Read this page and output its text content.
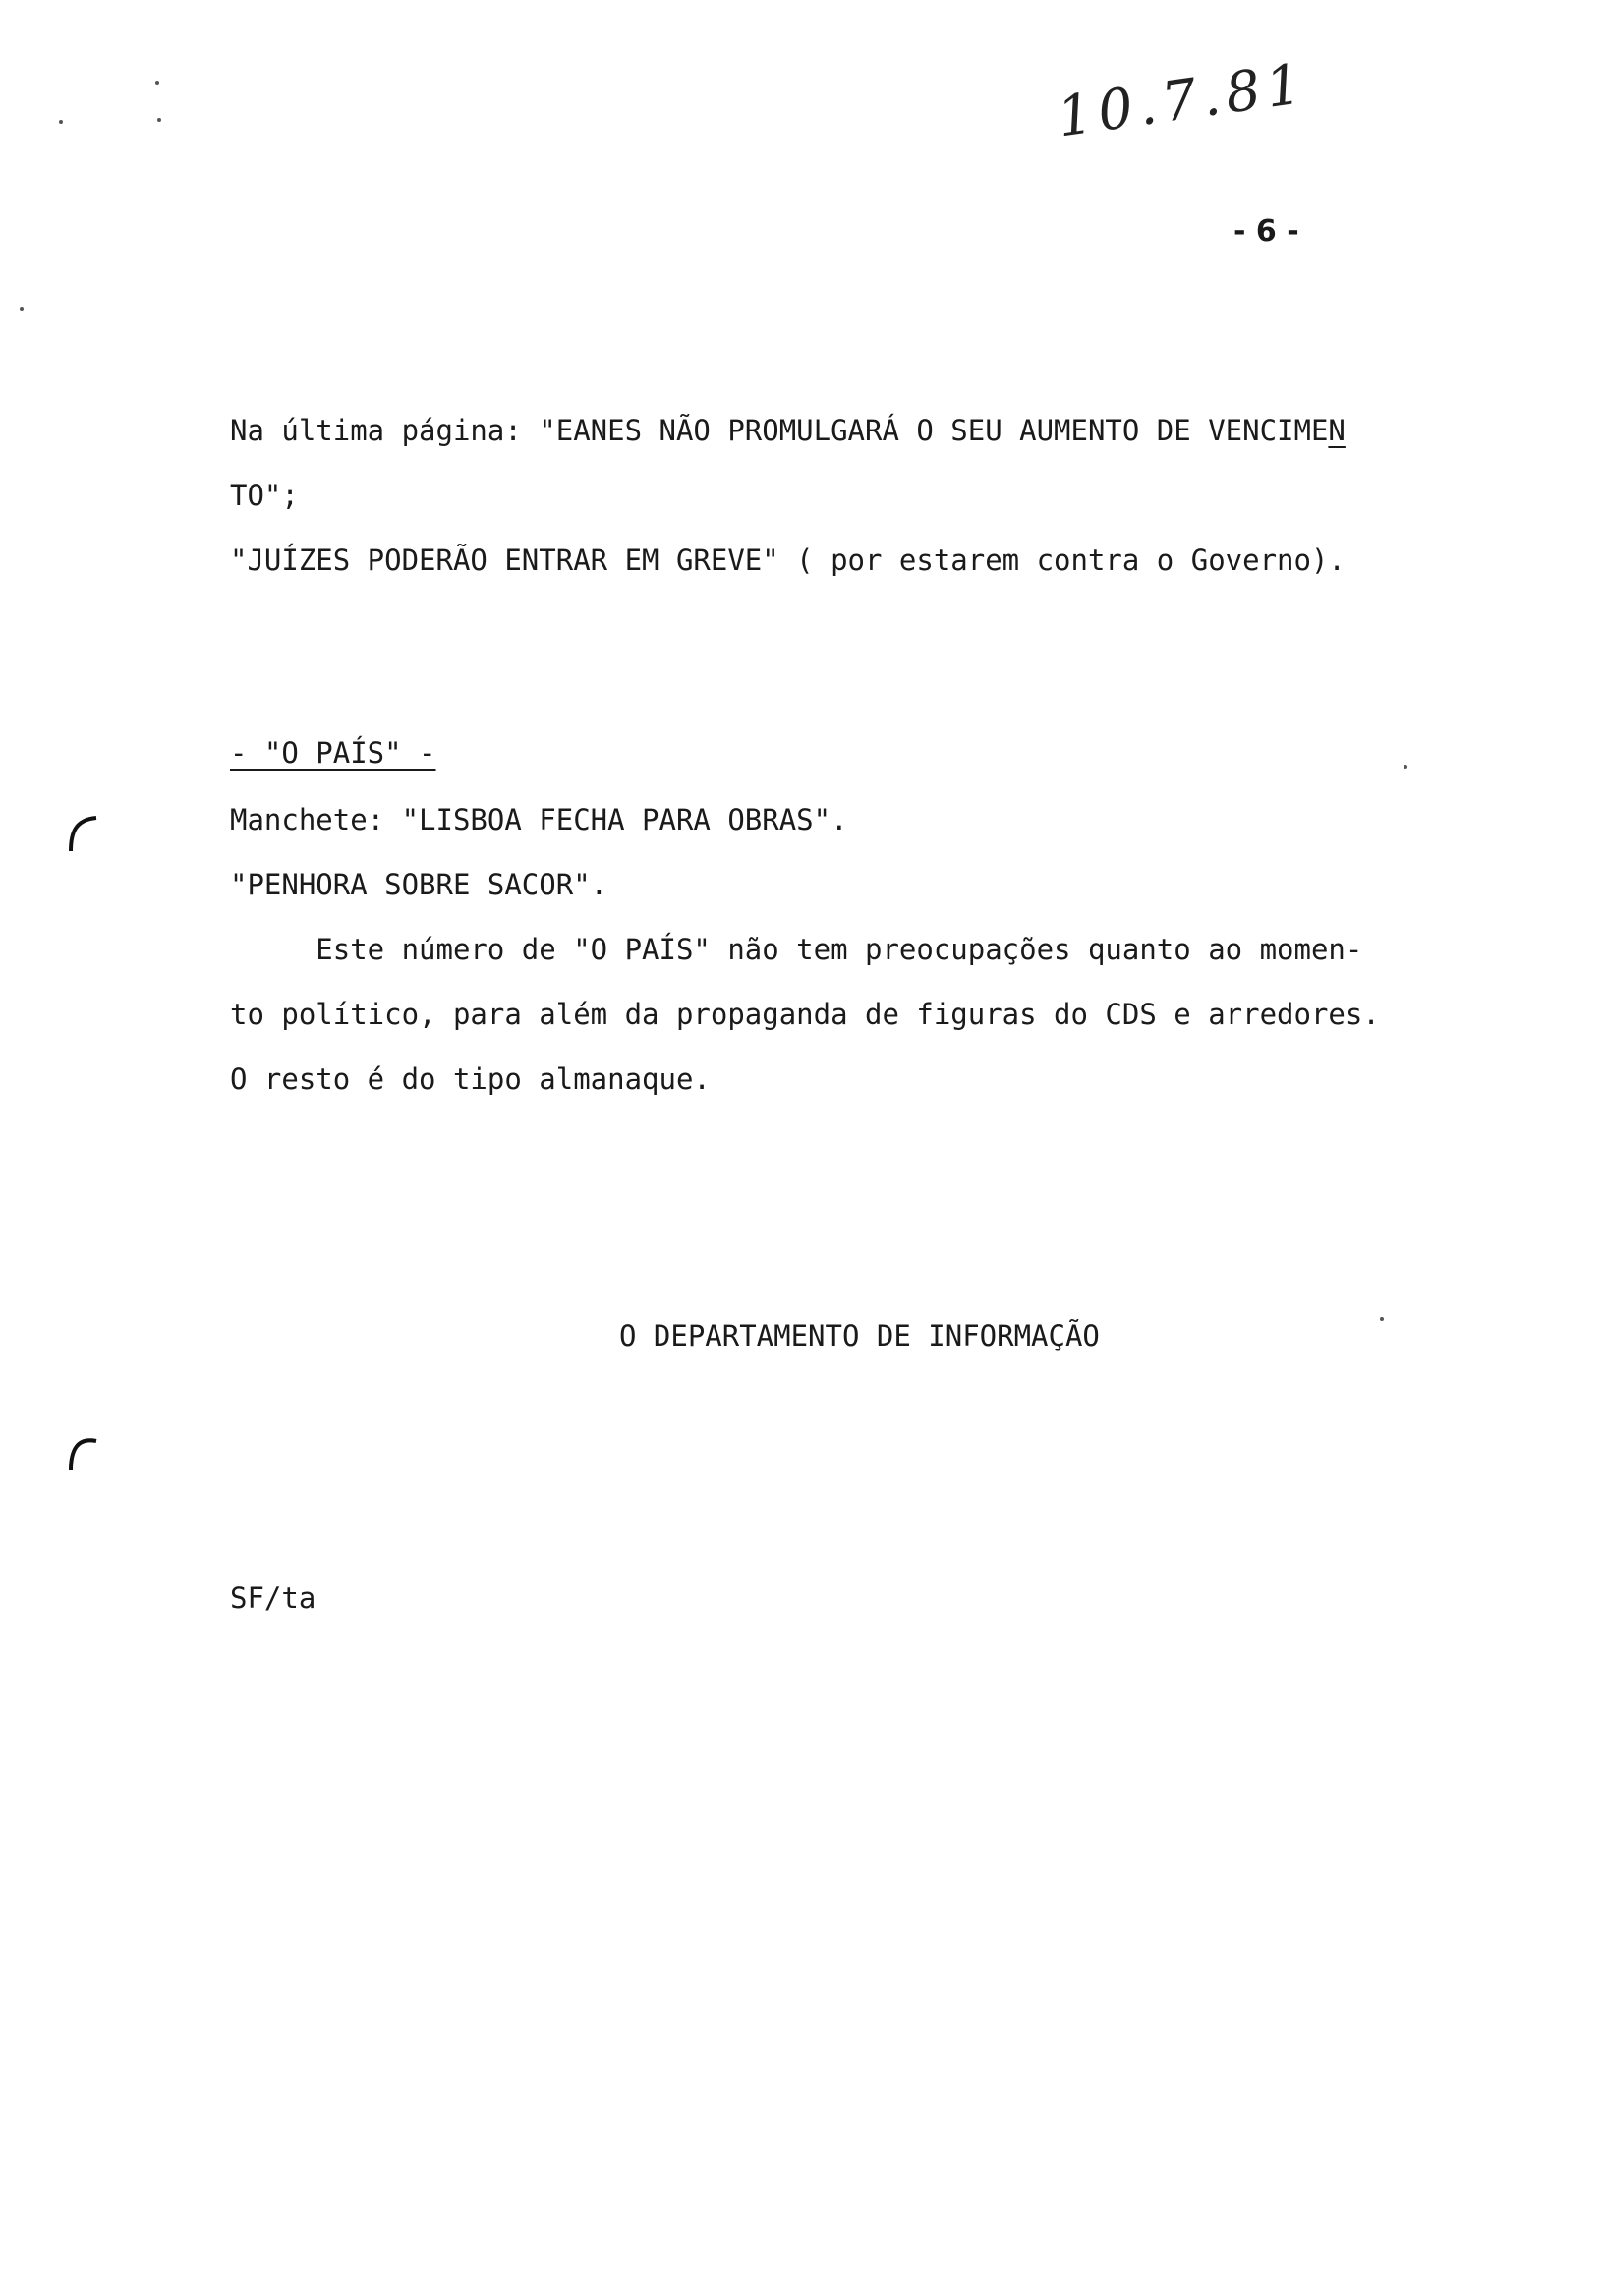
10.7.81
- 6 -
Na última página: "EANES NÃO PROMULGARÁ O SEU AUMENTO DE VENCIMEN
TO";
"JUÍZES PODERÃO ENTRAR EM GREVE" ( por estarem contra o Governo).
- "O PAÍS" -
Manchete: "LISBOA FECHA PARA OBRAS".
"PENHORA SOBRE SACOR".
Este número de "O PAÍS" não tem preocupações quanto ao momen-
to político, para além da propaganda de figuras do CDS e arredores.
O resto é do tipo almanaque.
O DEPARTAMENTO DE INFORMAÇÃO
SF/ta
